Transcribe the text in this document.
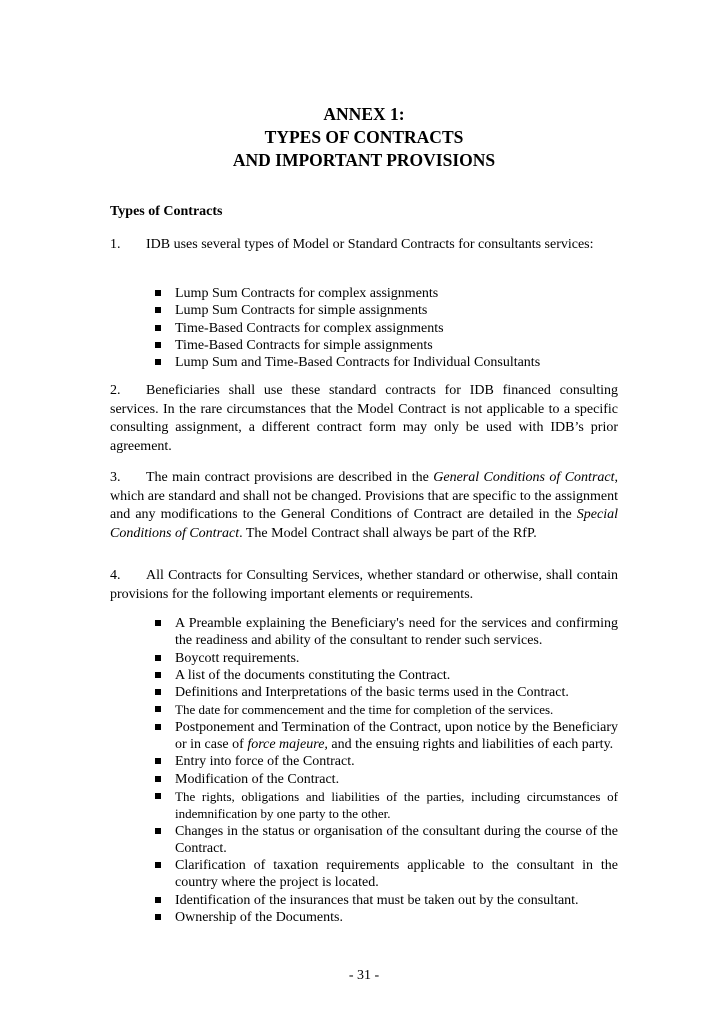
ANNEX 1:
TYPES OF CONTRACTS
AND IMPORTANT PROVISIONS
Types of Contracts
1. IDB uses several types of Model or Standard Contracts for consultants services:
Lump Sum Contracts for complex assignments
Lump Sum Contracts for simple assignments
Time-Based Contracts for complex assignments
Time-Based Contracts for simple assignments
Lump Sum and Time-Based Contracts for Individual Consultants
2. Beneficiaries shall use these standard contracts for IDB financed consulting services. In the rare circumstances that the Model Contract is not applicable to a specific consulting assignment, a different contract form may only be used with IDB’s prior agreement.
3. The main contract provisions are described in the General Conditions of Contract, which are standard and shall not be changed. Provisions that are specific to the assignment and any modifications to the General Conditions of Contract are detailed in the Special Conditions of Contract. The Model Contract shall always be part of the RfP.
4. All Contracts for Consulting Services, whether standard or otherwise, shall contain provisions for the following important elements or requirements.
A Preamble explaining the Beneficiary's need for the services and confirming the readiness and ability of the consultant to render such services.
Boycott requirements.
A list of the documents constituting the Contract.
Definitions and Interpretations of the basic terms used in the Contract.
The date for commencement and the time for completion of the services.
Postponement and Termination of the Contract, upon notice by the Beneficiary or in case of force majeure, and the ensuing rights and liabilities of each party.
Entry into force of the Contract.
Modification of the Contract.
The rights, obligations and liabilities of the parties, including circumstances of indemnification by one party to the other.
Changes in the status or organisation of the consultant during the course of the Contract.
Clarification of taxation requirements applicable to the consultant in the country where the project is located.
Identification of the insurances that must be taken out by the consultant.
Ownership of the Documents.
- 31 -
